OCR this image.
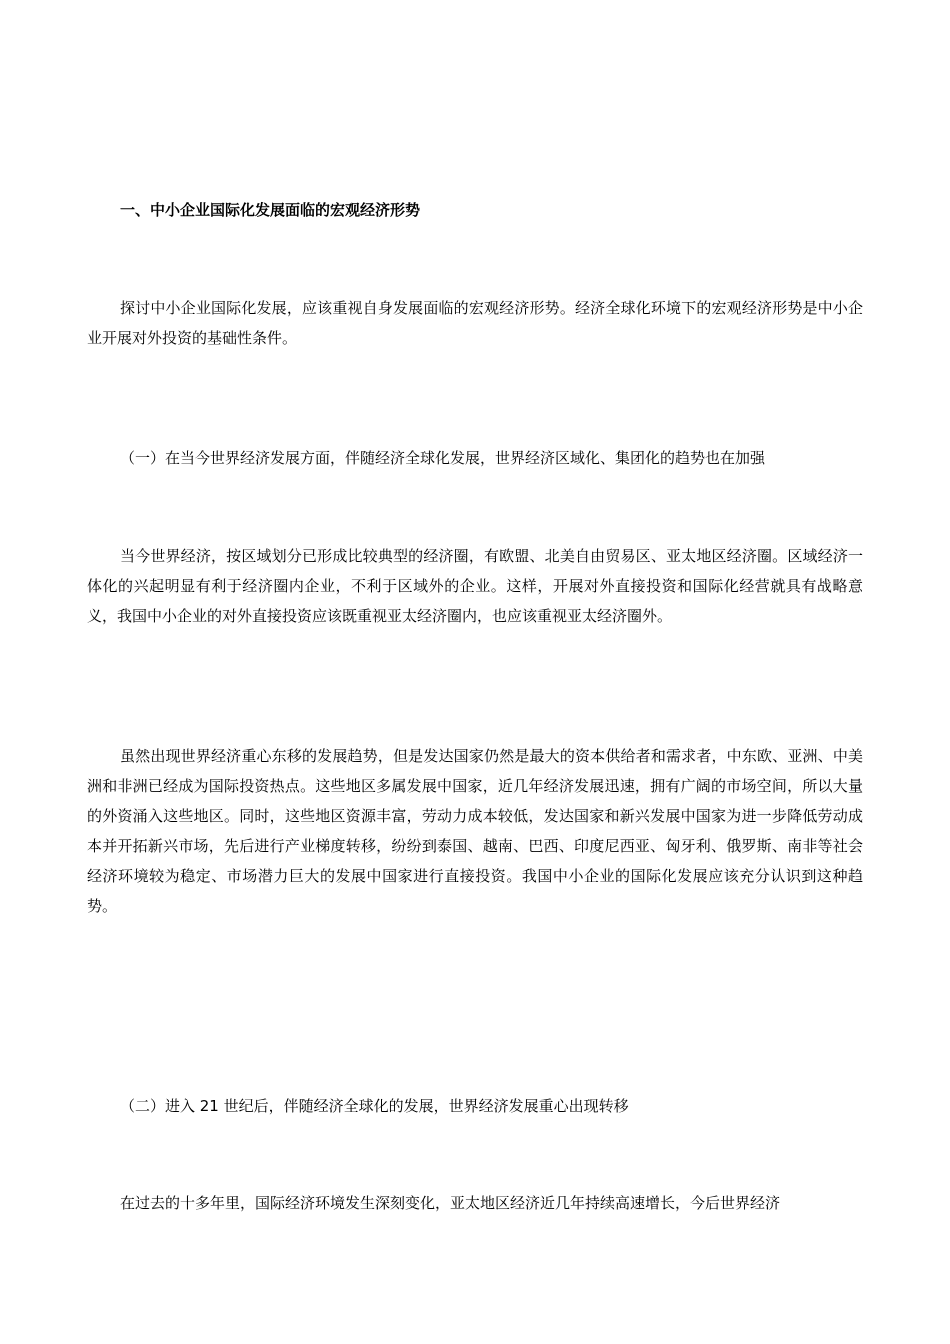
一、中小企业国际化发展面临的宏观经济形势

探讨中小企业国际化发展，应该重视自身发展面临的宏观经济形势。经济全球化环境下的宏观经济形势是中小企业开展对外投资的基础性条件。

（一）在当今世界经济发展方面，伴随经济全球化发展，世界经济区域化、集团化的趋势也在加强

当今世界经济，按区域划分已形成比较典型的经济圈，有欧盟、北美自由贸易区、亚太地区经济圈。区域经济一体化的兴起明显有利于经济圈内企业，不利于区域外的企业。这样，开展对外直接投资和国际化经营就具有战略意义，我国中小企业的对外直接投资应该既重视亚太经济圈内，也应该重视亚太经济圈外。

虽然出现世界经济重心东移的发展趋势，但是发达国家仍然是最大的资本供给者和需求者，中东欧、亚洲、中美洲和非洲已经成为国际投资热点。这些地区多属发展中国家，近几年经济发展迅速，拥有广阔的市场空间，所以大量的外资涌入这些地区。同时，这些地区资源丰富，劳动力成本较低，发达国家和新兴发展中国家为进一步降低劳动成本并开拓新兴市场，先后进行产业梯度转移，纷纷到泰国、越南、巴西、印度尼西亚、匈牙利、俄罗斯、南非等社会经济环境较为稳定、市场潜力巨大的发展中国家进行直接投资。我国中小企业的国际化发展应该充分认识到这种趋势。

（二）进入 21 世纪后，伴随经济全球化的发展，世界经济发展重心出现转移
在过去的十多年里，国际经济环境发生深刻变化，亚太地区经济近几年持续高速增长，今后世界经济
